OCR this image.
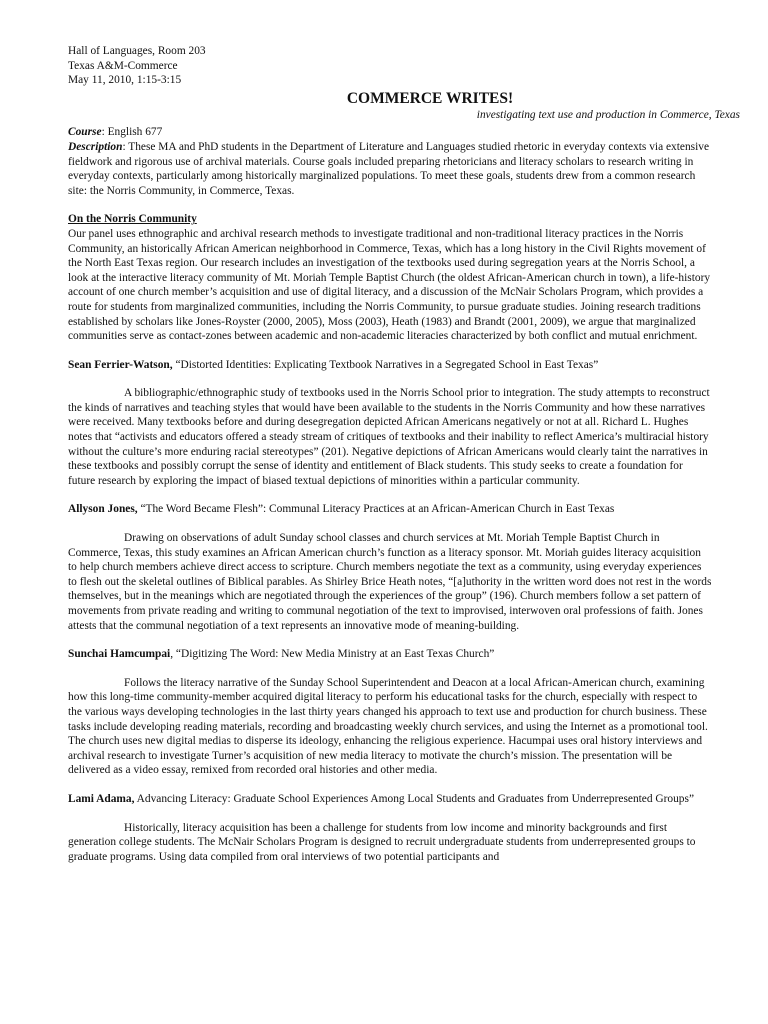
Hall of Languages, Room 203
Texas A&M-Commerce
May 11, 2010, 1:15-3:15
COMMERCE WRITES!
investigating text use and production in Commerce, Texas

Course: English 677

Description: These MA and PhD students in the Department of Literature and Languages studied rhetoric in everyday contexts via extensive fieldwork and rigorous use of archival materials. Course goals included preparing rhetoricians and literacy scholars to research writing in everyday contexts, particularly among historically marginalized populations. To meet these goals, students drew from a common research site: the Norris Community, in Commerce, Texas.

On the Norris Community

Our panel uses ethnographic and archival research methods to investigate traditional and non-traditional literacy practices in the Norris Community, an historically African American neighborhood in Commerce, Texas, which has a long history in the Civil Rights movement of the North East Texas region. Our research includes an investigation of the textbooks used during segregation years at the Norris School, a look at the interactive literacy community of Mt. Moriah Temple Baptist Church (the oldest African-American church in town), a life-history account of one church member’s acquisition and use of digital literacy, and a discussion of the McNair Scholars Program, which provides a route for students from marginalized communities, including the Norris Community, to pursue graduate studies. Joining research traditions established by scholars like Jones-Royster (2000, 2005), Moss (2003), Heath (1983) and Brandt (2001, 2009), we argue that marginalized communities serve as contact-zones between academic and non-academic literacies characterized by both conflict and mutual enrichment.

Sean Ferrier-Watson, “Distorted Identities: Explicating Textbook Narratives in a Segregated School in East Texas”

A bibliographic/ethnographic study of textbooks used in the Norris School prior to integration. The study attempts to reconstruct the kinds of narratives and teaching styles that would have been available to the students in the Norris Community and how these narratives were received. Many textbooks before and during desegregation depicted African Americans negatively or not at all. Richard L. Hughes notes that “activists and educators offered a steady stream of critiques of textbooks and their inability to reflect America’s multiracial history without the culture’s more enduring racial stereotypes” (201). Negative depictions of African Americans would clearly taint the narratives in these textbooks and possibly corrupt the sense of identity and entitlement of Black students. This study seeks to create a foundation for future research by exploring the impact of biased textual depictions of minorities within a particular community.

Allyson Jones, “The Word Became Flesh”: Communal Literacy Practices at an African-American Church in East Texas

Drawing on observations of adult Sunday school classes and church services at Mt. Moriah Temple Baptist Church in Commerce, Texas, this study examines an African American church’s function as a literacy sponsor. Mt. Moriah guides literacy acquisition to help church members achieve direct access to scripture. Church members negotiate the text as a community, using everyday experiences to flesh out the skeletal outlines of Biblical parables. As Shirley Brice Heath notes, “[a]uthority in the written word does not rest in the words themselves, but in the meanings which are negotiated through the experiences of the group” (196). Church members follow a set pattern of movements from private reading and writing to communal negotiation of the text to improvised, interwoven oral professions of faith. Jones attests that the communal negotiation of a text represents an innovative mode of meaning-building.

Sunchai Hamcumpai, “Digitizing The Word: New Media Ministry at an East Texas Church”

Follows the literacy narrative of the Sunday School Superintendent and Deacon at a local African-American church, examining how this long-time community-member acquired digital literacy to perform his educational tasks for the church, especially with respect to the various ways developing technologies in the last thirty years changed his approach to text use and production for church business. These tasks include developing reading materials, recording and broadcasting weekly church services, and using the Internet as a promotional tool. The church uses new digital medias to disperse its ideology, enhancing the religious experience. Hacumpai uses oral history interviews and archival research to investigate Turner’s acquisition of new media literacy to motivate the church’s mission. The presentation will be delivered as a video essay, remixed from recorded oral histories and other media.

Lami Adama, Advancing Literacy: Graduate School Experiences Among Local Students and Graduates from Underrepresented Groups”

Historically, literacy acquisition has been a challenge for students from low income and minority backgrounds and first generation college students. The McNair Scholars Program is designed to recruit undergraduate students from underrepresented groups to graduate programs. Using data compiled from oral interviews of two potential participants and
